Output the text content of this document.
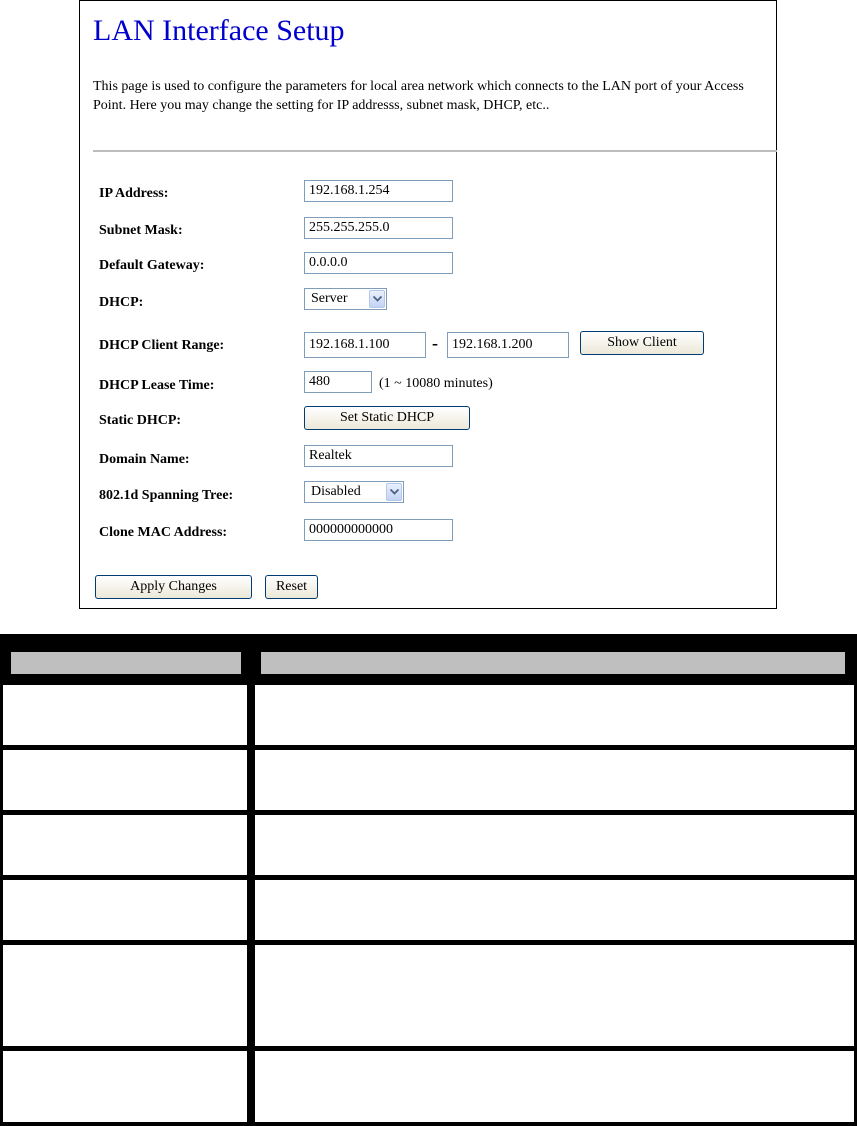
LAN Interface Setup

This page is used to configure the parameters for local area network which connects to the LAN port of your Access Point. Here you may change the setting for IP addresss, subnet mask, DHCP, etc..

IP Address:	192.168.1.254
Subnet Mask:	255.255.255.0
Default Gateway:	0.0.0.0
DHCP:	Server
DHCP Client Range:	192.168.1.100	-	192.168.1.200	Show Client
DHCP Lease Time:	480	(1 ~ 10080 minutes)
Static DHCP:	Set Static DHCP
Domain Name:	Realtek
802.1d Spanning Tree:	Disabled
Clone MAC Address:	000000000000
Apply Changes	Reset
